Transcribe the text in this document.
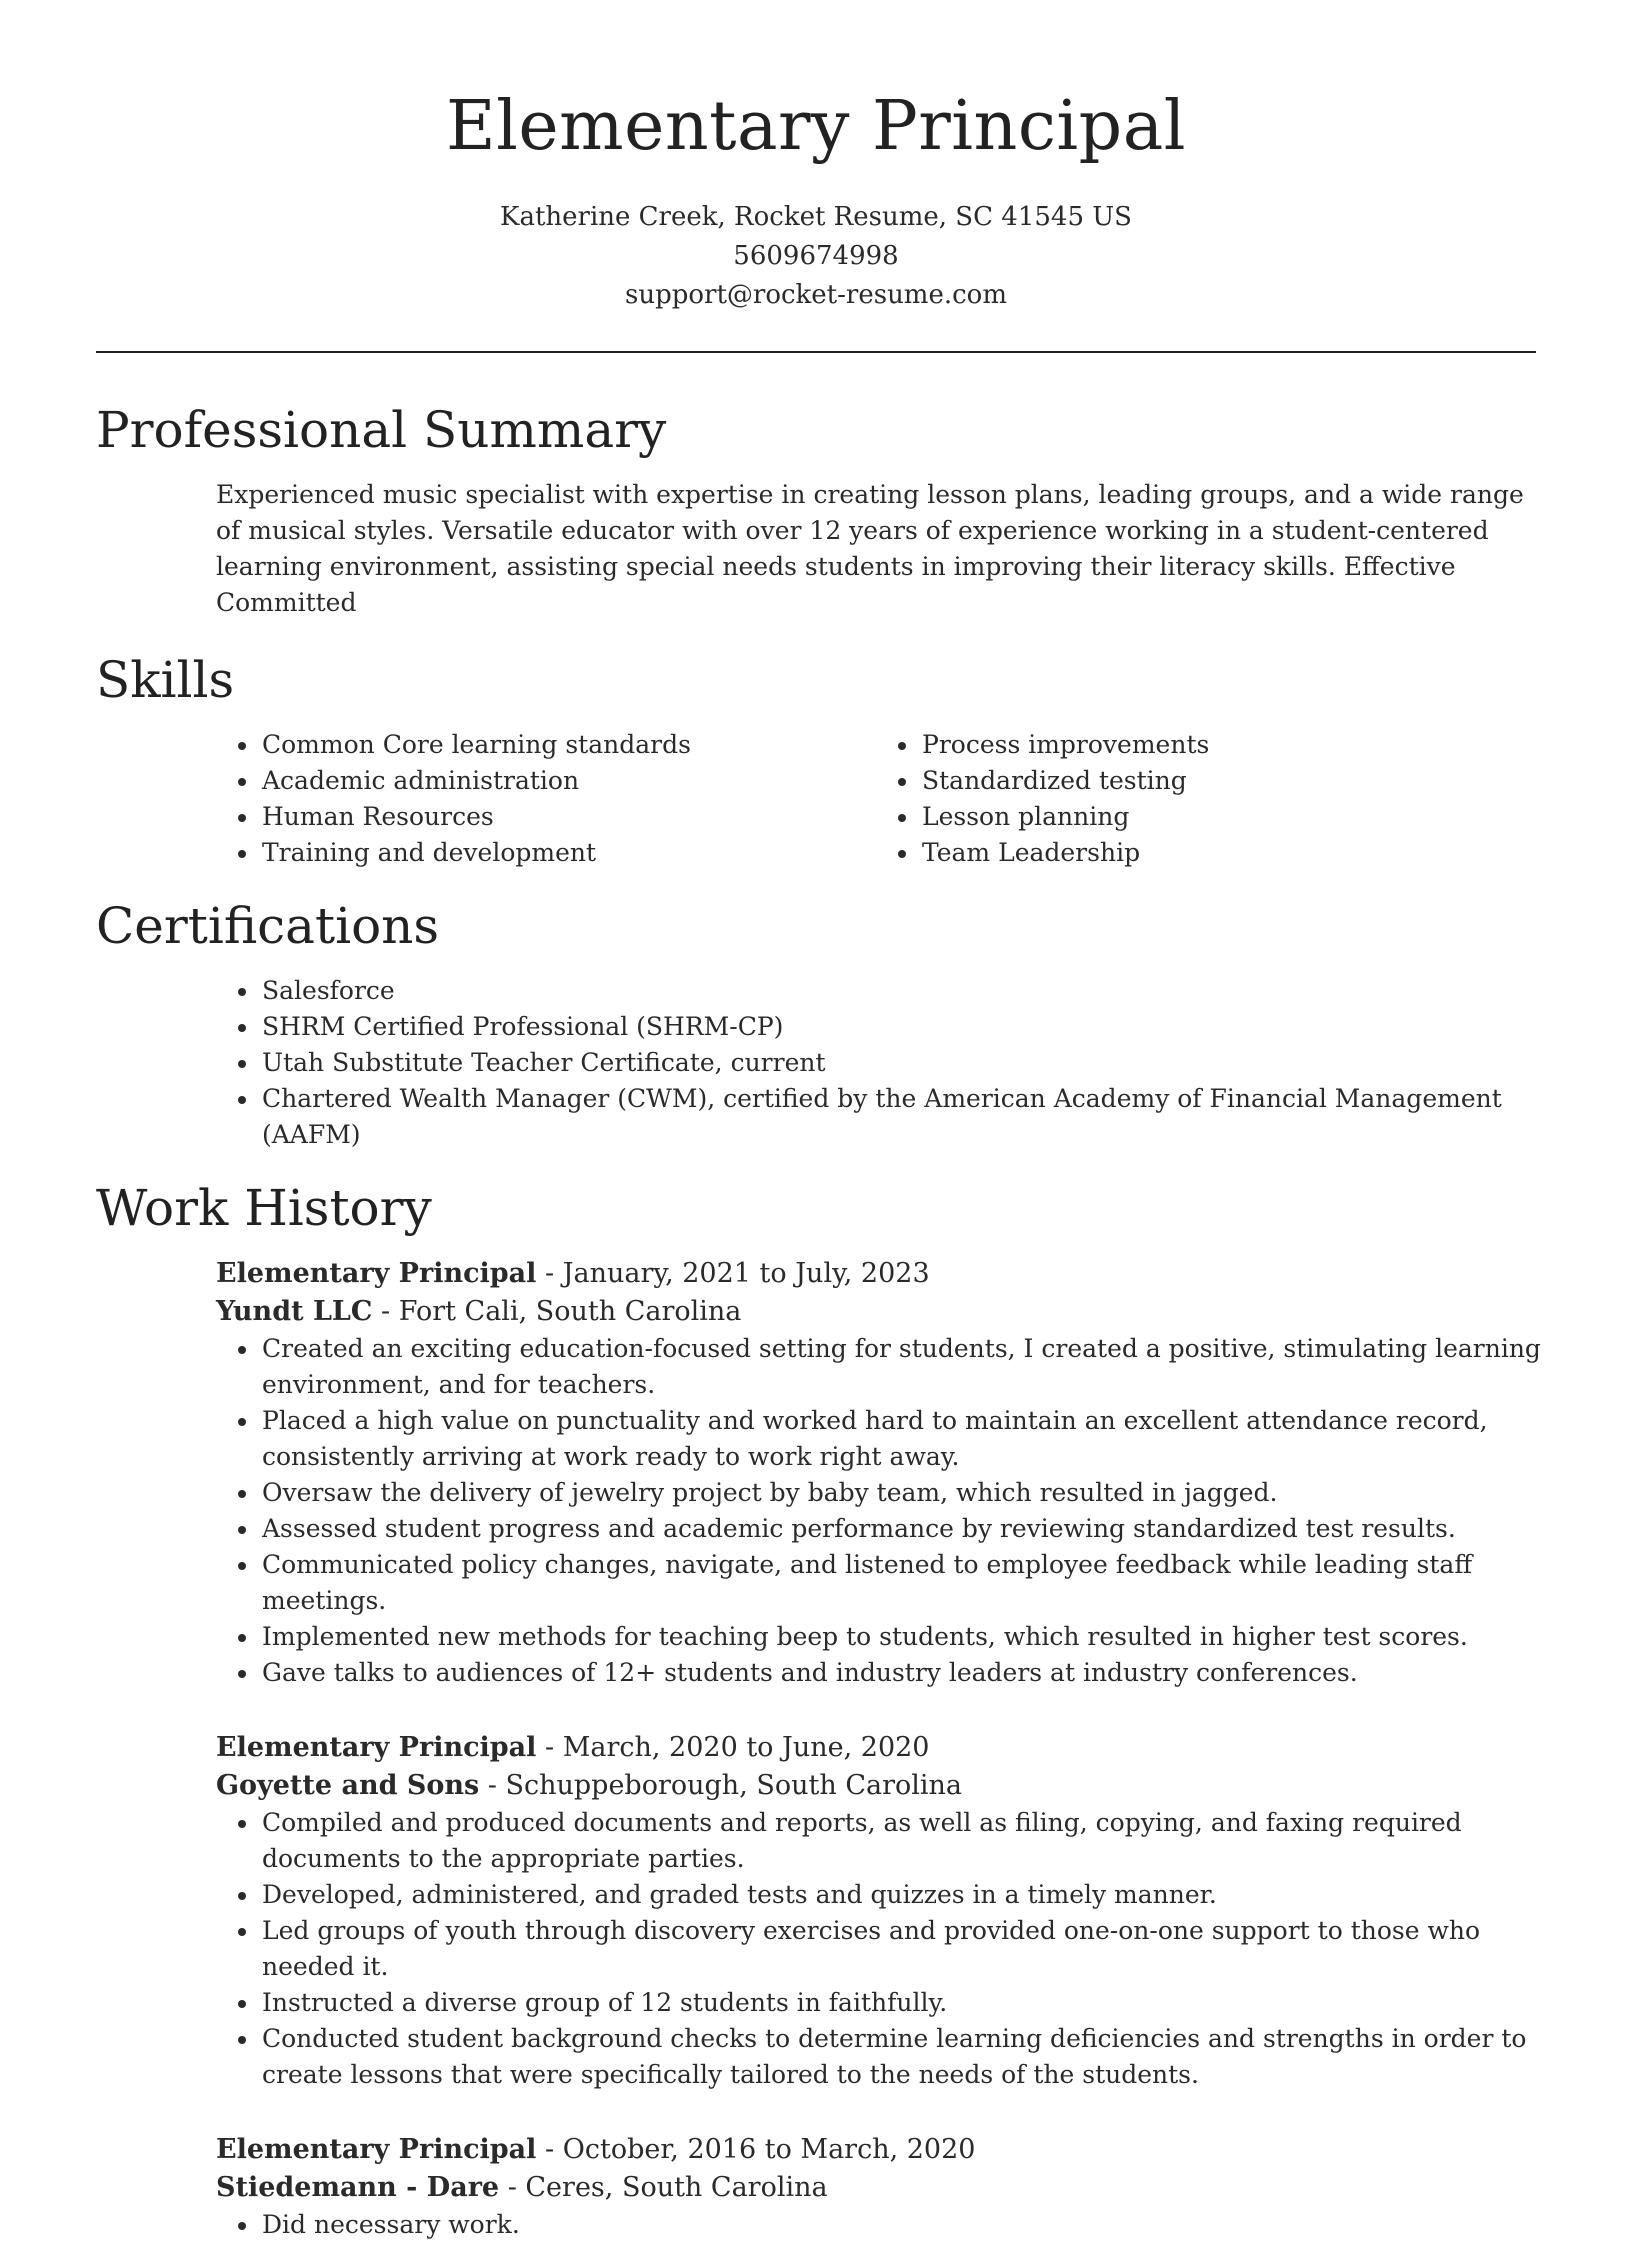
Elementary Principal
Katherine Creek, Rocket Resume, SC 41545 US
5609674998
support@rocket-resume.com
Professional Summary
Experienced music specialist with expertise in creating lesson plans, leading groups, and a wide range of musical styles. Versatile educator with over 12 years of experience working in a student-centered learning environment, assisting special needs students in improving their literacy skills. Effective Committed
Skills
• Common Core learning standards
• Academic administration
• Human Resources
• Training and development
• Process improvements
• Standardized testing
• Lesson planning
• Team Leadership
Certifications
• Salesforce
• SHRM Certified Professional (SHRM-CP)
• Utah Substitute Teacher Certificate, current
• Chartered Wealth Manager (CWM), certified by the American Academy of Financial Management (AAFM)
Work History
Elementary Principal - January, 2021 to July, 2023
Yundt LLC - Fort Cali, South Carolina
• Created an exciting education-focused setting for students, I created a positive, stimulating learning environment, and for teachers.
• Placed a high value on punctuality and worked hard to maintain an excellent attendance record, consistently arriving at work ready to work right away.
• Oversaw the delivery of jewelry project by baby team, which resulted in jagged.
• Assessed student progress and academic performance by reviewing standardized test results.
• Communicated policy changes, navigate, and listened to employee feedback while leading staff meetings.
• Implemented new methods for teaching beep to students, which resulted in higher test scores.
• Gave talks to audiences of 12+ students and industry leaders at industry conferences.
Elementary Principal - March, 2020 to June, 2020
Goyette and Sons - Schuppeborough, South Carolina
• Compiled and produced documents and reports, as well as filing, copying, and faxing required documents to the appropriate parties.
• Developed, administered, and graded tests and quizzes in a timely manner.
• Led groups of youth through discovery exercises and provided one-on-one support to those who needed it.
• Instructed a diverse group of 12 students in faithfully.
• Conducted student background checks to determine learning deficiencies and strengths in order to create lessons that were specifically tailored to the needs of the students.
Elementary Principal - October, 2016 to March, 2020
Stiedemann - Dare - Ceres, South Carolina
• Did necessary work.
